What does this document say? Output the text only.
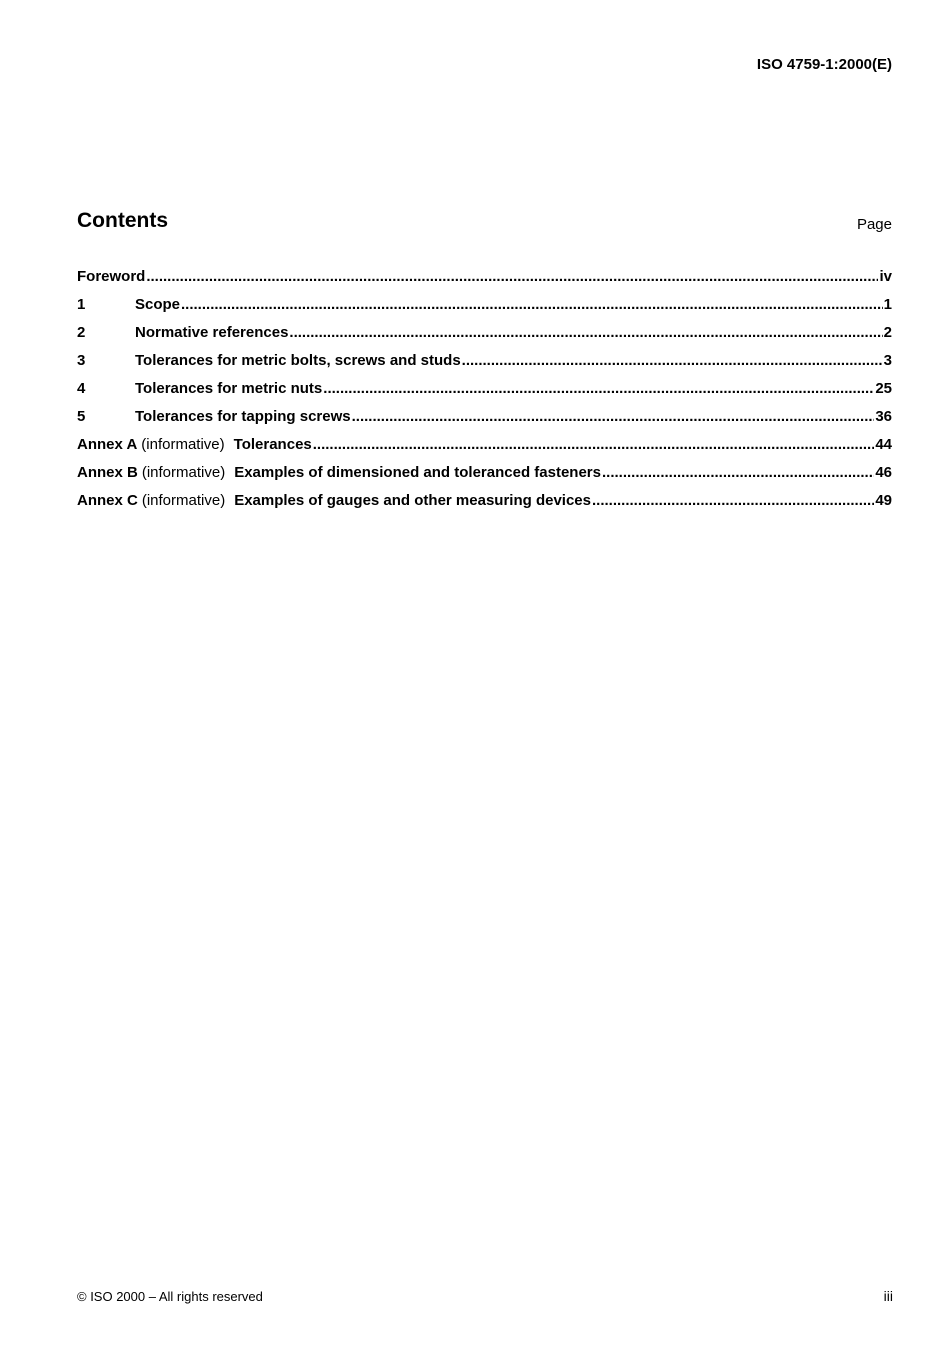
ISO 4759-1:2000(E)
Contents	Page
Foreword .....	iv
1	Scope .....	1
2	Normative references .....	2
3	Tolerances for metric bolts, screws and studs .....	3
4	Tolerances for metric nuts .....	25
5	Tolerances for tapping screws .....	36
Annex A (informative) Tolerances .....	44
Annex B (informative) Examples of dimensioned and toleranced fasteners .....	46
Annex C (informative) Examples of gauges and other measuring devices .....	49
© ISO 2000 – All rights reserved	iii
